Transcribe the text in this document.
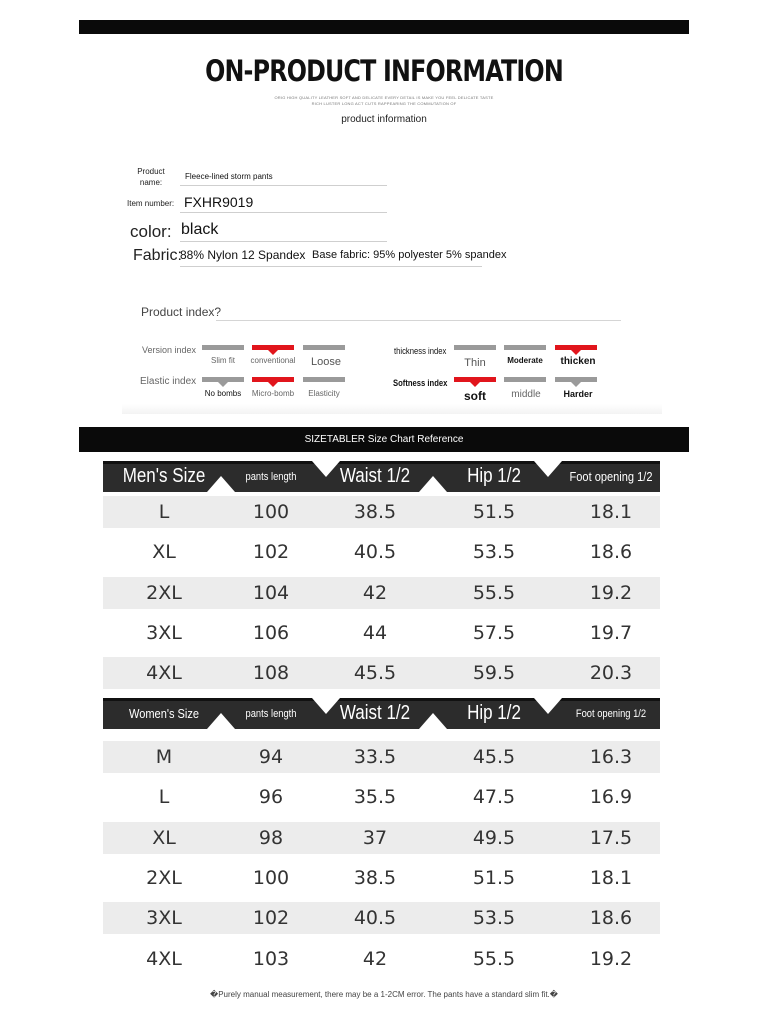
ON-PRODUCT INFORMATION
ORIG HIGH QUALITY LEATHER SOFT AND DELICATE EVERY DETAIL IS MAKE YOU FEEL DELICATE TASTE
RICH LUSTER LONG ACT CUTS RAPPEARING THE COMMUTATION OF
product information
Product name:
Fleece-lined storm pants
Item number: FXHR9019
color: black
Fabric:
88% Nylon 12 Spandex Base fabric: 95% polyester 5% spandex
Product index?
Version index
Slim fit	conventional	Loose
Elastic index
No bombs	Micro-bomb	Elasticity
thickness index
Thin	Moderate	thicken
Softness index
soft	middle	Harder
SIZETABLER Size Chart Reference
Men's Size	pants length	Waist 1/2	Hip 1/2	Foot opening 1/2
L	100	38.5	51.5	18.1
XL	102	40.5	53.5	18.6
2XL	104	42	55.5	19.2
3XL	106	44	57.5	19.7
4XL	108	45.5	59.5	20.3
Women's Size	pants length	Waist 1/2	Hip 1/2	Foot opening 1/2
M	94	33.5	45.5	16.3
L	96	35.5	47.5	16.9
XL	98	37	49.5	17.5
2XL	100	38.5	51.5	18.1
3XL	102	40.5	53.5	18.6
4XL	103	42	55.5	19.2
�Purely manual measurement, there may be a 1-2CM error. The pants have a standard slim fit.�
